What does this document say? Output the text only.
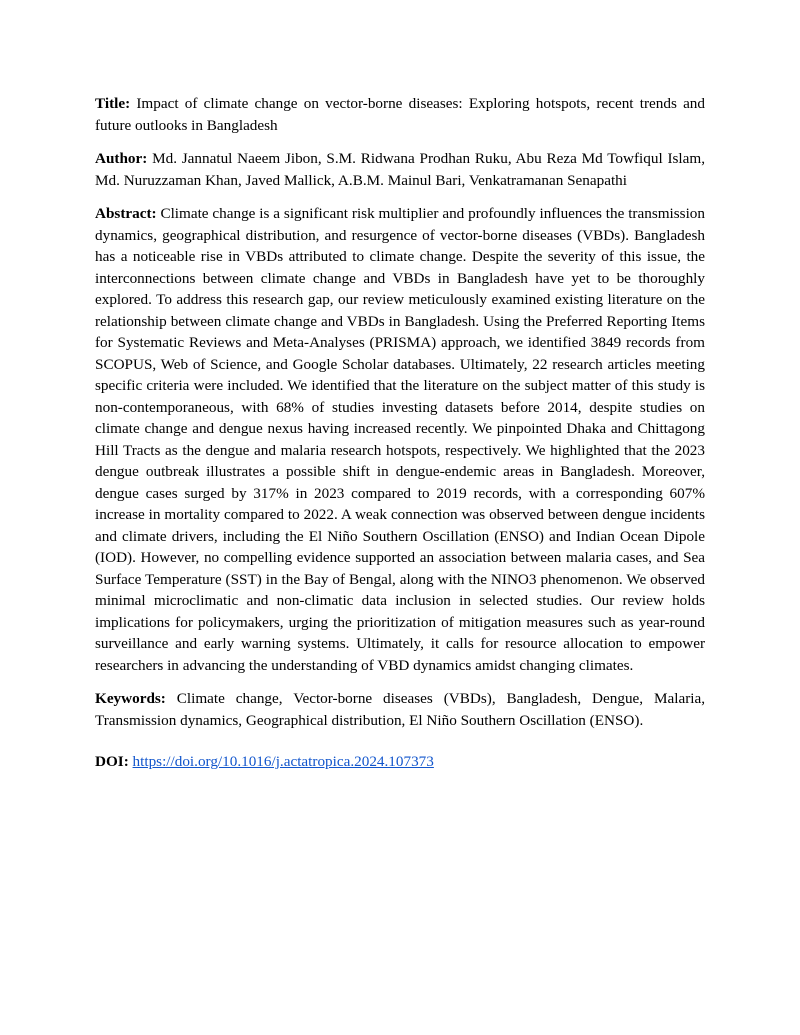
Title: Impact of climate change on vector-borne diseases: Exploring hotspots, recent trends and future outlooks in Bangladesh

Author: Md. Jannatul Naeem Jibon, S.M. Ridwana Prodhan Ruku, Abu Reza Md Towfiqul Islam, Md. Nuruzzaman Khan, Javed Mallick, A.B.M. Mainul Bari, Venkatramanan Senapathi

Abstract: Climate change is a significant risk multiplier and profoundly influences the transmission dynamics, geographical distribution, and resurgence of vector-borne diseases (VBDs). Bangladesh has a noticeable rise in VBDs attributed to climate change. Despite the severity of this issue, the interconnections between climate change and VBDs in Bangladesh have yet to be thoroughly explored. To address this research gap, our review meticulously examined existing literature on the relationship between climate change and VBDs in Bangladesh. Using the Preferred Reporting Items for Systematic Reviews and Meta-Analyses (PRISMA) approach, we identified 3849 records from SCOPUS, Web of Science, and Google Scholar databases. Ultimately, 22 research articles meeting specific criteria were included. We identified that the literature on the subject matter of this study is non-contemporaneous, with 68% of studies investing datasets before 2014, despite studies on climate change and dengue nexus having increased recently. We pinpointed Dhaka and Chittagong Hill Tracts as the dengue and malaria research hotspots, respectively. We highlighted that the 2023 dengue outbreak illustrates a possible shift in dengue-endemic areas in Bangladesh. Moreover, dengue cases surged by 317% in 2023 compared to 2019 records, with a corresponding 607% increase in mortality compared to 2022. A weak connection was observed between dengue incidents and climate drivers, including the El Niño Southern Oscillation (ENSO) and Indian Ocean Dipole (IOD). However, no compelling evidence supported an association between malaria cases, and Sea Surface Temperature (SST) in the Bay of Bengal, along with the NINO3 phenomenon. We observed minimal microclimatic and non-climatic data inclusion in selected studies. Our review holds implications for policymakers, urging the prioritization of mitigation measures such as year-round surveillance and early warning systems. Ultimately, it calls for resource allocation to empower researchers in advancing the understanding of VBD dynamics amidst changing climates.

Keywords: Climate change, Vector-borne diseases (VBDs), Bangladesh, Dengue, Malaria, Transmission dynamics, Geographical distribution, El Niño Southern Oscillation (ENSO).

DOI: https://doi.org/10.1016/j.actatropica.2024.107373
